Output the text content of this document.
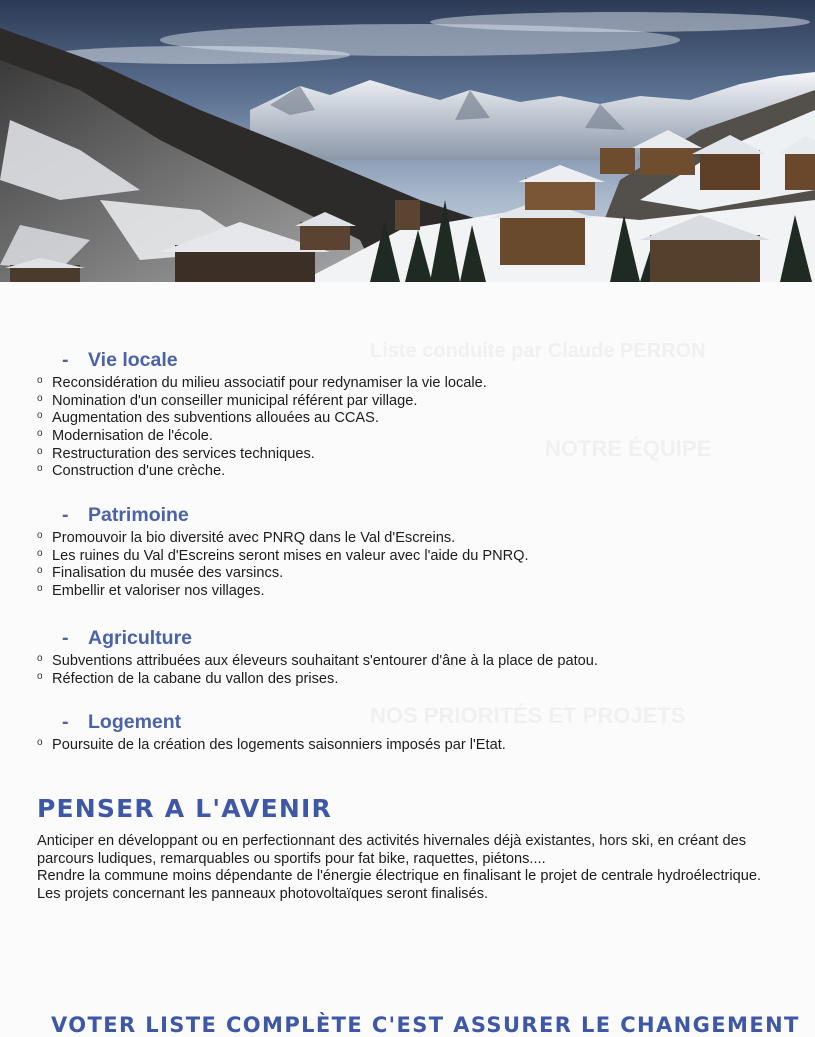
Liste conduite par Claude PERRON
NOTRE ÉQUIPE
NOS PRIORITÉS ET PROJETS
- Vie locale
o Reconsidération du milieu associatif pour redynamiser la vie locale.
o Nomination d'un conseiller municipal référent par village.
o Augmentation des subventions allouées au CCAS.
o Modernisation de l'école.
o Restructuration des services techniques.
o Construction d'une crèche.
- Patrimoine
o Promouvoir la bio diversité avec PNRQ dans le Val d'Escreins.
o Les ruines du Val d'Escreins seront mises en valeur avec l'aide du PNRQ.
o Finalisation du musée des varsincs.
o Embellir et valoriser nos villages.
- Agriculture
o Subventions attribuées aux éleveurs souhaitant s'entourer d'âne à la place de patou.
o Réfection de la cabane du vallon des prises.
- Logement
o Poursuite de la création des logements saisonniers imposés par l'Etat.
PENSER A L'AVENIR

Anticiper en développant ou en perfectionnant des activités hivernales déjà existantes, hors ski, en créant des parcours ludiques, remarquables ou sportifs pour fat bike, raquettes, piétons....

Rendre la commune moins dépendante de l'énergie électrique en finalisant le projet de centrale hydroélectrique.

Les projets concernant les panneaux photovoltaïques seront finalisés.

VOTER LISTE COMPLÈTE C'EST ASSURER LE CHANGEMENT
